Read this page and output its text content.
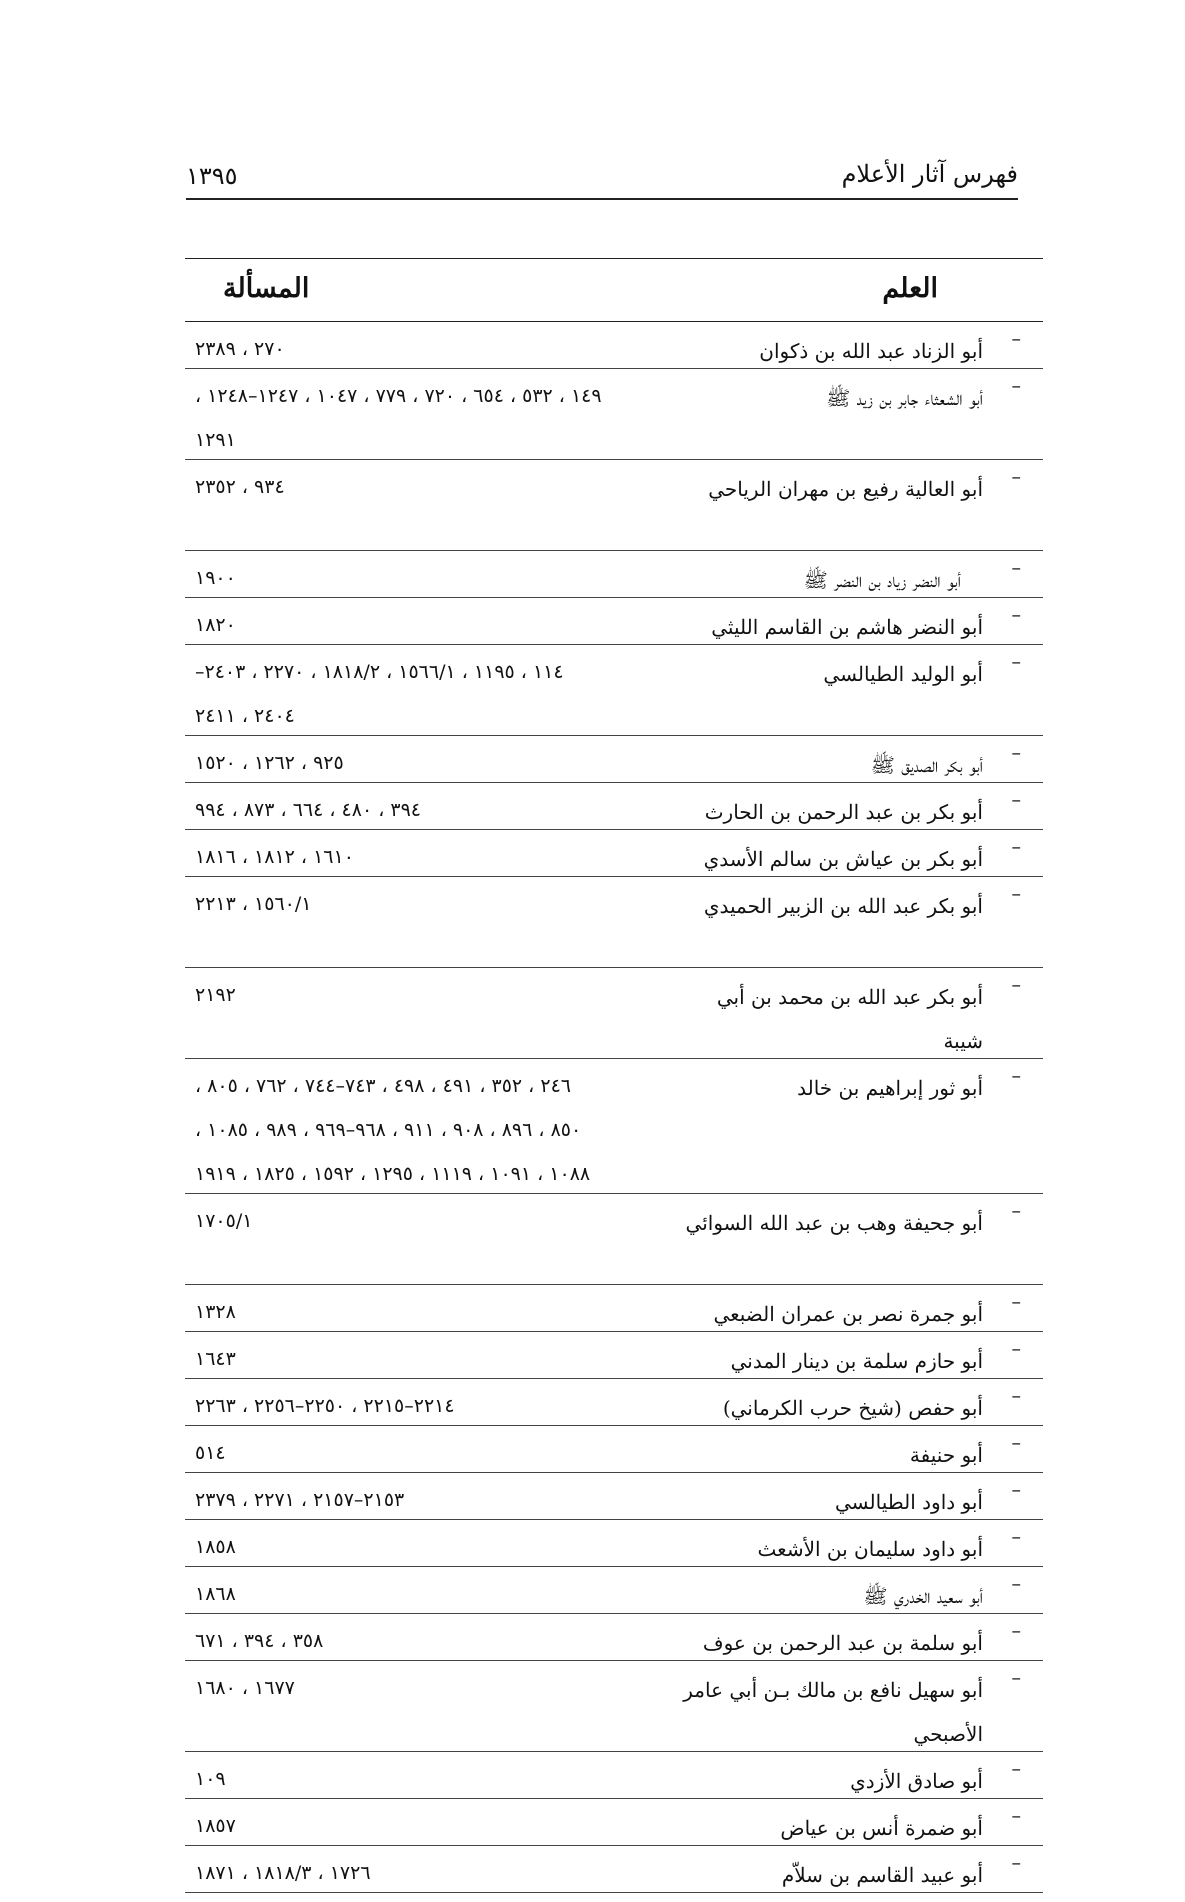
فهرس آثار الأعلام
١٣٩٥
العلم
المسألة
–
أبو الزناد عبد الله بن ذكوان
٢٧٠ ، ٢٣٨٩
–
أبو الشعثاء جابر بن زيد ﷺ
١٤٩ ، ٥٣٢ ، ٦٥٤ ، ٧٢٠ ، ٧٧٩ ، ١٠٤٧ ، ١٢٤٧–١٢٤٨ ،
١٢٩١
–
أبو العالية رفيع بن مهران الرياحي
٩٣٤ ، ٢٣٥٢
–
أبو النضر زياد بن النضر ﷺ
١٩٠٠
–
أبو النضر هاشم بن القاسم الليثي
١٨٢٠
–
أبو الوليد الطيالسي
١١٤ ، ١١٩٥ ، ١٥٦٦/١ ، ١٨١٨/٢ ، ٢٢٧٠ ، ٢٤٠٣–
٢٤٠٤ ، ٢٤١١
–
أبو بكر الصديق ﷺ
٩٢٥ ، ١٢٦٢ ، ١٥٢٠
–
أبو بكر بن عبد الرحمن بن الحارث
٣٩٤ ، ٤٨٠ ، ٦٦٤ ، ٨٧٣ ، ٩٩٤
–
أبو بكر بن عياش بن سالم الأسدي
١٦١٠ ، ١٨١٢ ، ١٨١٦
–
أبو بكر عبد الله بن الزبير الحميدي
١٥٦٠/١ ، ٢٢١٣
–
أبو بكر عبد الله بن محمد بن أبي شيبة
٢١٩٢
–
أبو ثور إبراهيم بن خالد
٢٤٦ ، ٣٥٢ ، ٤٩١ ، ٤٩٨ ، ٧٤٣–٧٤٤ ، ٧٦٢ ، ٨٠٥ ،
٨٥٠ ، ٨٩٦ ، ٩٠٨ ، ٩١١ ، ٩٦٨–٩٦٩ ، ٩٨٩ ، ١٠٨٥ ،
١٠٨٨ ، ١٠٩١ ، ١١١٩ ، ١٢٩٥ ، ١٥٩٢ ، ١٨٢٥ ، ١٩١٩
–
أبو جحيفة وهب بن عبد الله السوائي
١٧٠٥/١
–
أبو جمرة نصر بن عمران الضبعي
١٣٢٨
–
أبو حازم سلمة بن دينار المدني
١٦٤٣
–
أبو حفص (شيخ حرب الكرماني)
٢٢١٤–٢٢١٥ ، ٢٢٥٠–٢٢٥٦ ، ٢٢٦٣
–
أبو حنيفة
٥١٤
–
أبو داود الطيالسي
٢١٥٣–٢١٥٧ ، ٢٢٧١ ، ٢٣٧٩
–
أبو داود سليمان بن الأشعث
١٨٥٨
–
أبو سعيد الخدري ﷺ
١٨٦٨
–
أبو سلمة بن عبد الرحمن بن عوف
٣٥٨ ، ٣٩٤ ، ٦٧١
–
أبو سهيل نافع بن مالك بـن أبي عامر الأصبحي
١٦٧٧ ، ١٦٨٠
–
أبو صادق الأزدي
١٠٩
–
أبو ضمرة أنس بن عياض
١٨٥٧
–
أبو عبيد القاسم بن سلاّم
١٧٢٦ ، ١٨١٨/٣ ، ١٨٧١
